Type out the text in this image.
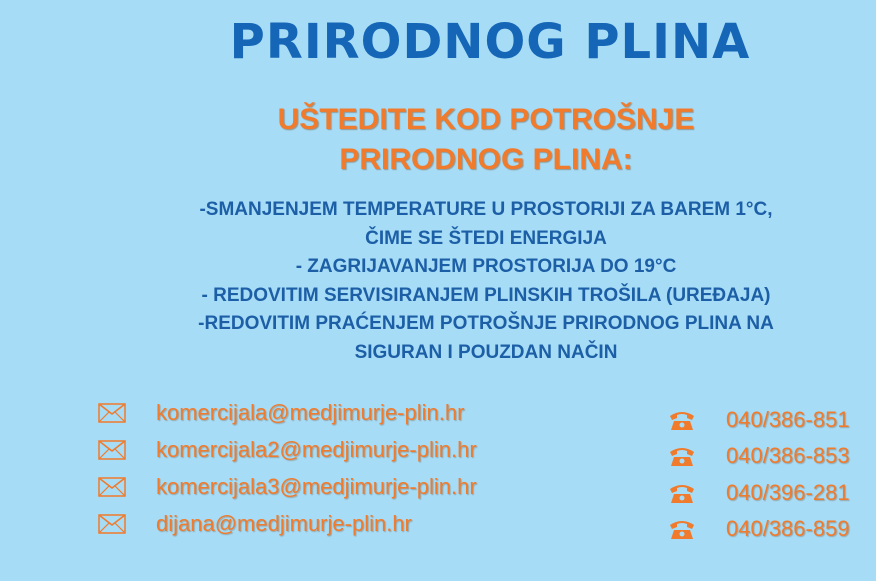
PRIRODNOG PLINA
UŠTEDITE KOD POTROŠNJE
PRIRODNOG PLINA:
-SMANJENJEM TEMPERATURE U PROSTORIJI ZA BAREM 1°C,
ČIME SE ŠTEDI ENERGIJA
- ZAGRIJAVANJEM PROSTORIJA DO 19°C
- REDOVITIM SERVISIRANJEM PLINSKIH TROŠILA (UREĐAJA)
-REDOVITIM PRAĆENJEM POTROŠNJE PRIRODNOG PLINA NA
SIGURAN I POUZDAN NAČIN
komercijala@medjimurje-plin.hr
komercijala2@medjimurje-plin.hr
komercijala3@medjimurje-plin.hr
dijana@medjimurje-plin.hr
040/386-851
040/386-853
040/396-281
040/386-859
